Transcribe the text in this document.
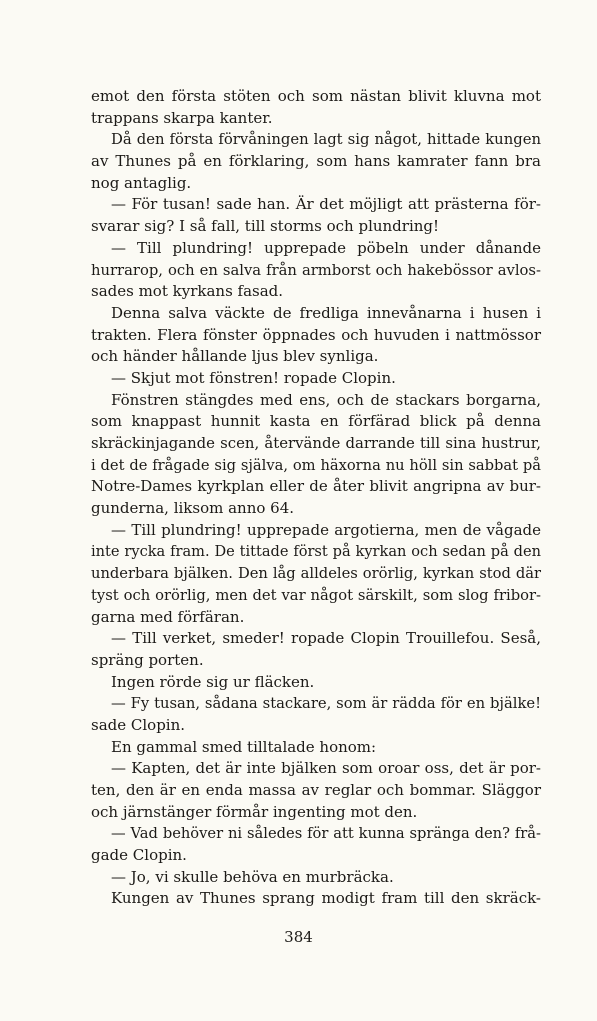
emot den första stöten och som nästan blivit kluvna mot
trappans skarpa kanter.
Då den första förvåningen lagt sig något, hittade kungen
av Thunes på en förklaring, som hans kamrater fann bra
nog antaglig.
— För tusan! sade han. Är det möjligt att prästerna för-
svarar sig? I så fall, till storms och plundring!
— Till plundring! upprepade pöbeln under dånande
hurrarop, och en salva från armborst och hakebössor avlos-
sades mot kyrkans fasad.
Denna salva väckte de fredliga innevånarna i husen i
trakten. Flera fönster öppnades och huvuden i nattmössor
och händer hållande ljus blev synliga.
— Skjut mot fönstren! ropade Clopin.
Fönstren stängdes med ens, och de stackars borgarna,
som knappast hunnit kasta en förfärad blick på denna
skräckinjagande scen, återvände darrande till sina hustrur,
i det de frågade sig själva, om häxorna nu höll sin sabbat på
Notre-Dames kyrkplan eller de åter blivit angripna av bur-
gunderna, liksom anno 64.
— Till plundring! upprepade argotierna, men de vågade
inte rycka fram. De tittade först på kyrkan och sedan på den
underbara bjälken. Den låg alldeles orörlig, kyrkan stod där
tyst och orörlig, men det var något särskilt, som slog fribor-
garna med förfäran.
— Till verket, smeder! ropade Clopin Trouillefou. Seså,
spräng porten.
Ingen rörde sig ur fläcken.
— Fy tusan, sådana stackare, som är rädda för en bjälke!
sade Clopin.
En gammal smed tilltalade honom:
— Kapten, det är inte bjälken som oroar oss, det är por-
ten, den är en enda massa av reglar och bommar. Släggor
och järnstänger förmår ingenting mot den.
— Vad behöver ni således för att kunna spränga den? frå-
gade Clopin.
— Jo, vi skulle behöva en murbräcka.
Kungen av Thunes sprang modigt fram till den skräck-
384
